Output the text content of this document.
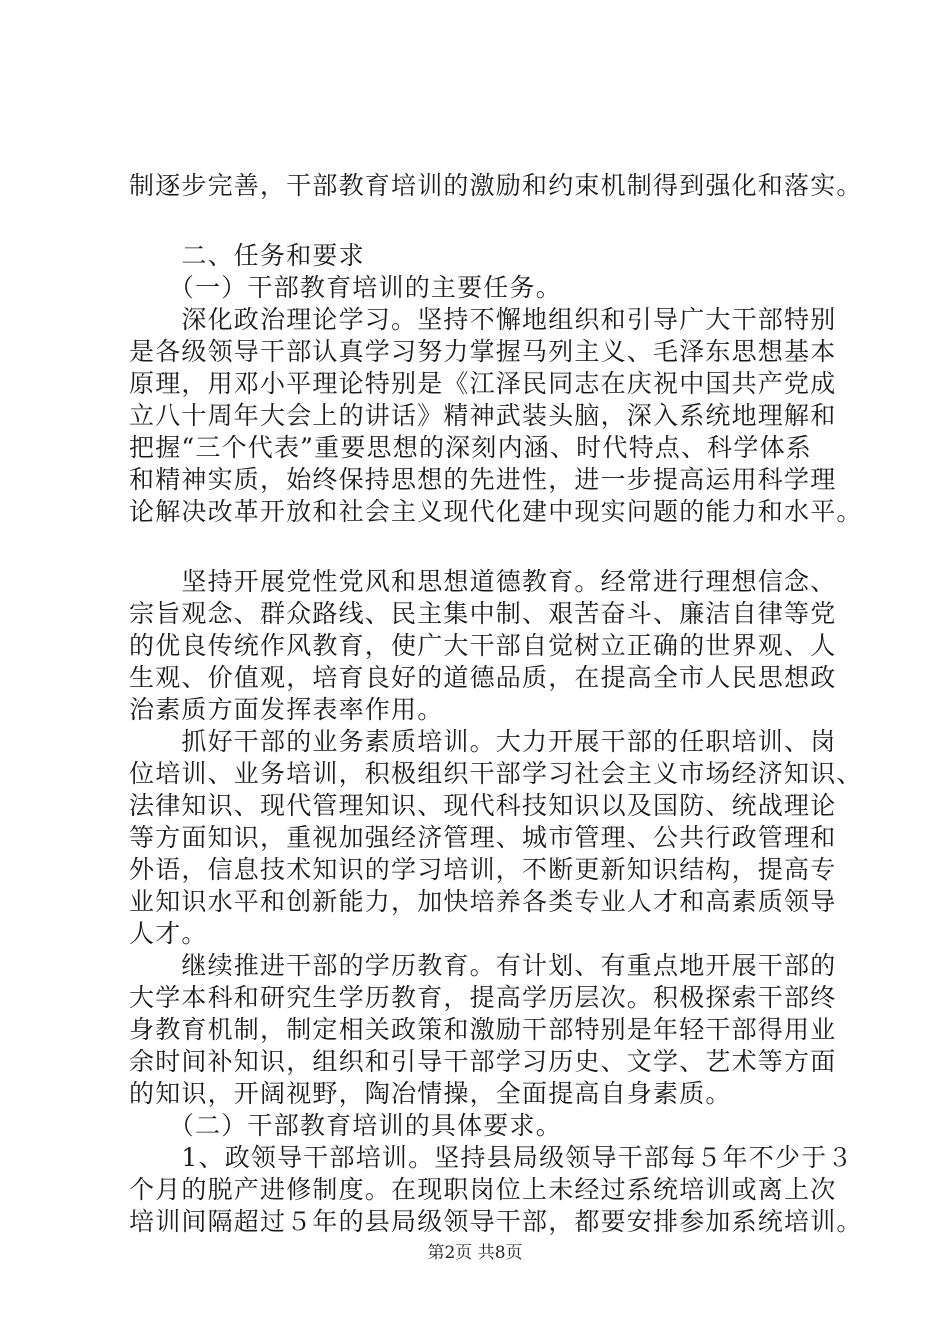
制逐步完善，干部教育培训的激励和约束机制得到强化和落实。
　　二、任务和要求
　　（一）干部教育培训的主要任务。
　　深化政治理论学习。坚持不懈地组织和引导广大干部特别
是各级领导干部认真学习努力掌握马列主义、毛泽东思想基本
原理，用邓小平理论特别是《江泽民同志在庆祝中国共产党成
立八十周年大会上的讲话》精神武装头脑，深入系统地理解和
把握“三个代表”重要思想的深刻内涵、时代特点、科学体系
和精神实质，始终保持思想的先进性，进一步提高运用科学理
论解决改革开放和社会主义现代化建中现实问题的能力和水平。
　　坚持开展党性党风和思想道德教育。经常进行理想信念、
宗旨观念、群众路线、民主集中制、艰苦奋斗、廉洁自律等党
的优良传统作风教育，使广大干部自觉树立正确的世界观、人
生观、价值观，培育良好的道德品质，在提高全市人民思想政
治素质方面发挥表率作用。
　　抓好干部的业务素质培训。大力开展干部的任职培训、岗
位培训、业务培训，积极组织干部学习社会主义市场经济知识、
法律知识、现代管理知识、现代科技知识以及国防、统战理论
等方面知识，重视加强经济管理、城市管理、公共行政管理和
外语，信息技术知识的学习培训，不断更新知识结构，提高专
业知识水平和创新能力，加快培养各类专业人才和高素质领导
人才。
　　继续推进干部的学历教育。有计划、有重点地开展干部的
大学本科和研究生学历教育，提高学历层次。积极探索干部终
身教育机制，制定相关政策和激励干部特别是年轻干部得用业
余时间补知识，组织和引导干部学习历史、文学、艺术等方面
的知识，开阔视野，陶冶情操，全面提高自身素质。
　　（二）干部教育培训的具体要求。
　　1、政领导干部培训。坚持县局级领导干部每５年不少于３
个月的脱产进修制度。在现职岗位上未经过系统培训或离上次
培训间隔超过５年的县局级领导干部，都要安排参加系统培训。
第2页 共8页
